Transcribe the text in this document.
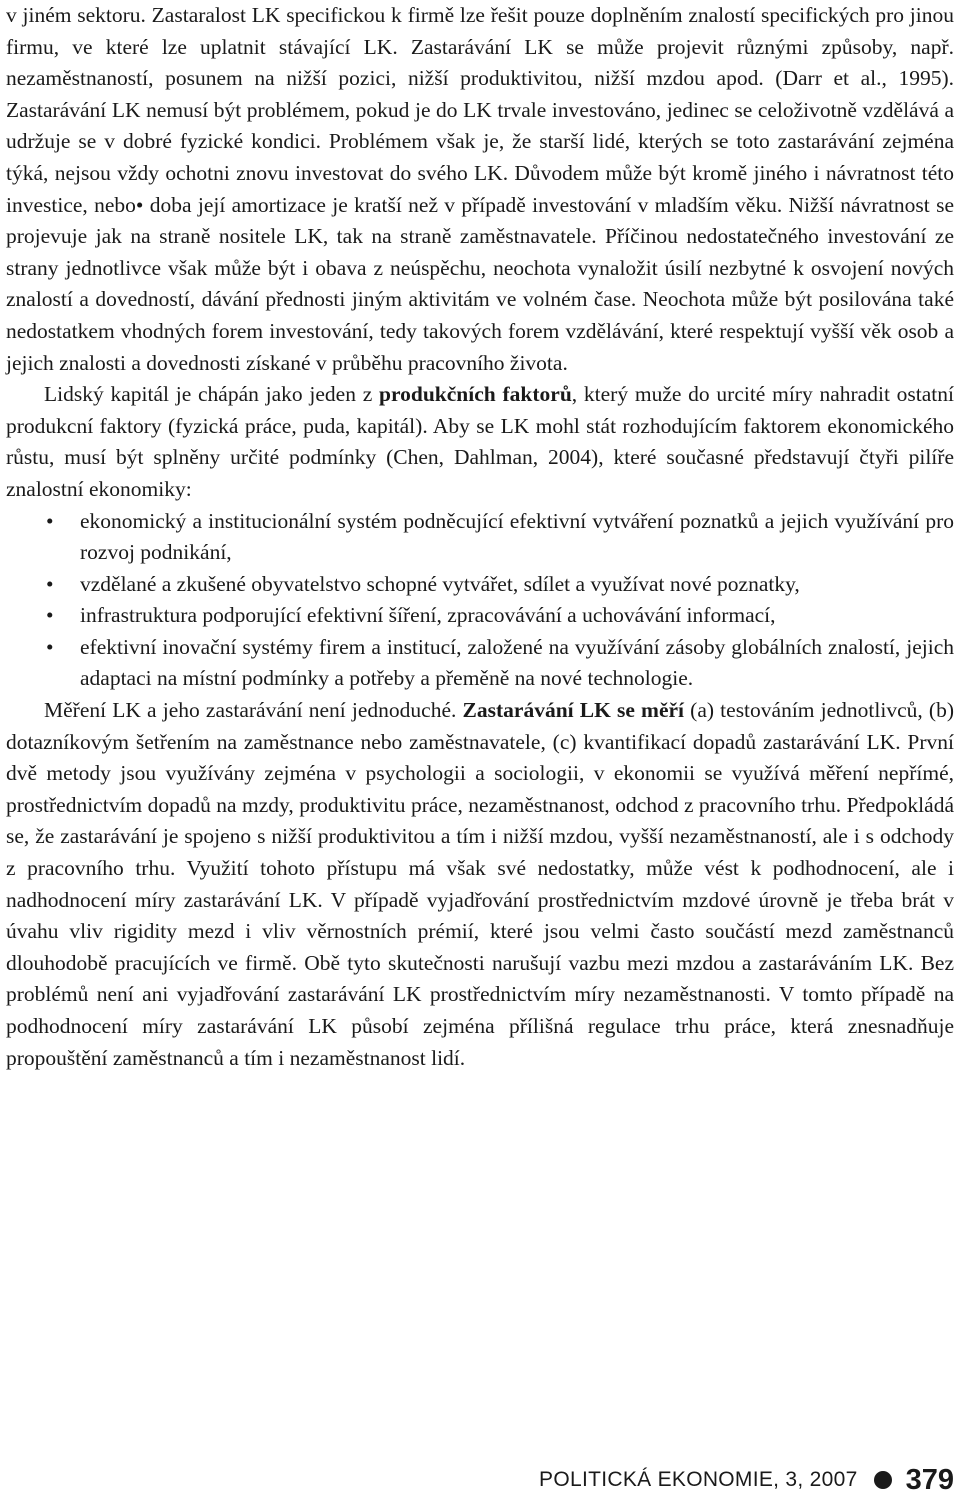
v jiném sektoru. Zastaralost LK specifickou k firmě lze řešit pouze doplněním znalostí specifických pro jinou firmu, ve které lze uplatnit stávající LK. Zastarávání LK se může projevit různými způsoby, např. nezaměstnaností, posunem na nižší pozici, nižší produktivitou, nižší mzdou apod. (Darr et al., 1995). Zastarávání LK nemusí být problémem, pokud je do LK trvale investováno, jedinec se celoživotně vzdělává a udržuje se v dobré fyzické kondici. Problémem však je, že starší lidé, kterých se toto zastarávání zejména týká, nejsou vždy ochotni znovu investovat do svého LK. Důvodem může být kromě jiného i návratnost této investice, nebo• doba její amortizace je kratší než v případě investování v mladším věku. Nižší návratnost se projevuje jak na straně nositele LK, tak na straně zaměstnavatele. Příčinou nedostatečného investování ze strany jednotlivce však může být i obava z neúspěchu, neochota vynaložit úsilí nezbytné k osvojení nových znalostí a dovedností, dávání přednosti jiným aktivitám ve volném čase. Neochota může být posilována také nedostatkem vhodných forem investování, tedy takových forem vzdělávání, které respektují vyšší věk osob a jejich znalosti a dovednosti získané v průběhu pracovního života.

Lidský kapitál je chápán jako jeden z produkčních faktorů, který muže do urcité míry nahradit ostatní produkcní faktory (fyzická práce, puda, kapitál). Aby se LK mohl stát rozhodujícím faktorem ekonomického růstu, musí být splněny určité podmínky (Chen, Dahlman, 2004), které současné představují čtyři pilíře znalostní ekonomiky:

• ekonomický a institucionální systém podněcující efektivní vytváření poznatků a jejich využívání pro rozvoj podnikání,
• vzdělané a zkušené obyvatelstvo schopné vytvářet, sdílet a využívat nové poznatky,
• infrastruktura podporující efektivní šíření, zpracovávání a uchovávání informací,
• efektivní inovační systémy firem a institucí, založené na využívání zásoby globálních znalostí, jejich adaptaci na místní podmínky a potřeby a přeměně na nové technologie.

Měření LK a jeho zastarávání není jednoduché. Zastarávání LK se měří (a) testováním jednotlivců, (b) dotazníkovým šetřením na zaměstnance nebo zaměstnavatele, (c) kvantifikací dopadů zastarávání LK. První dvě metody jsou využívány zejména v psychologii a sociologii, v ekonomii se využívá měření nepřímé, prostřednictvím dopadů na mzdy, produktivitu práce, nezaměstnanost, odchod z pracovního trhu. Předpokládá se, že zastarávání je spojeno s nižší produktivitou a tím i nižší mzdou, vyšší nezaměstnaností, ale i s odchody z pracovního trhu. Využití tohoto přístupu má však své nedostatky, může vést k podhodnocení, ale i nadhodnocení míry zastarávání LK. V případě vyjadřování prostřednictvím mzdové úrovně je třeba brát v úvahu vliv rigidity mezd i vliv věrnostních prémií, které jsou velmi často součástí mezd zaměstnanců dlouhodobě pracujících ve firmě. Obě tyto skutečnosti narušují vazbu mezi mzdou a zastaráváním LK. Bez problémů není ani vyjadřování zastarávání LK prostřednictvím míry nezaměstnanosti. V tomto případě na podhodnocení míry zastarávání LK působí zejména přílišná regulace trhu práce, která znesnadňuje propouštění zaměstnanců a tím i nezaměstnanost lidí.

POLITICKÁ EKONOMIE, 3, 2007 379
